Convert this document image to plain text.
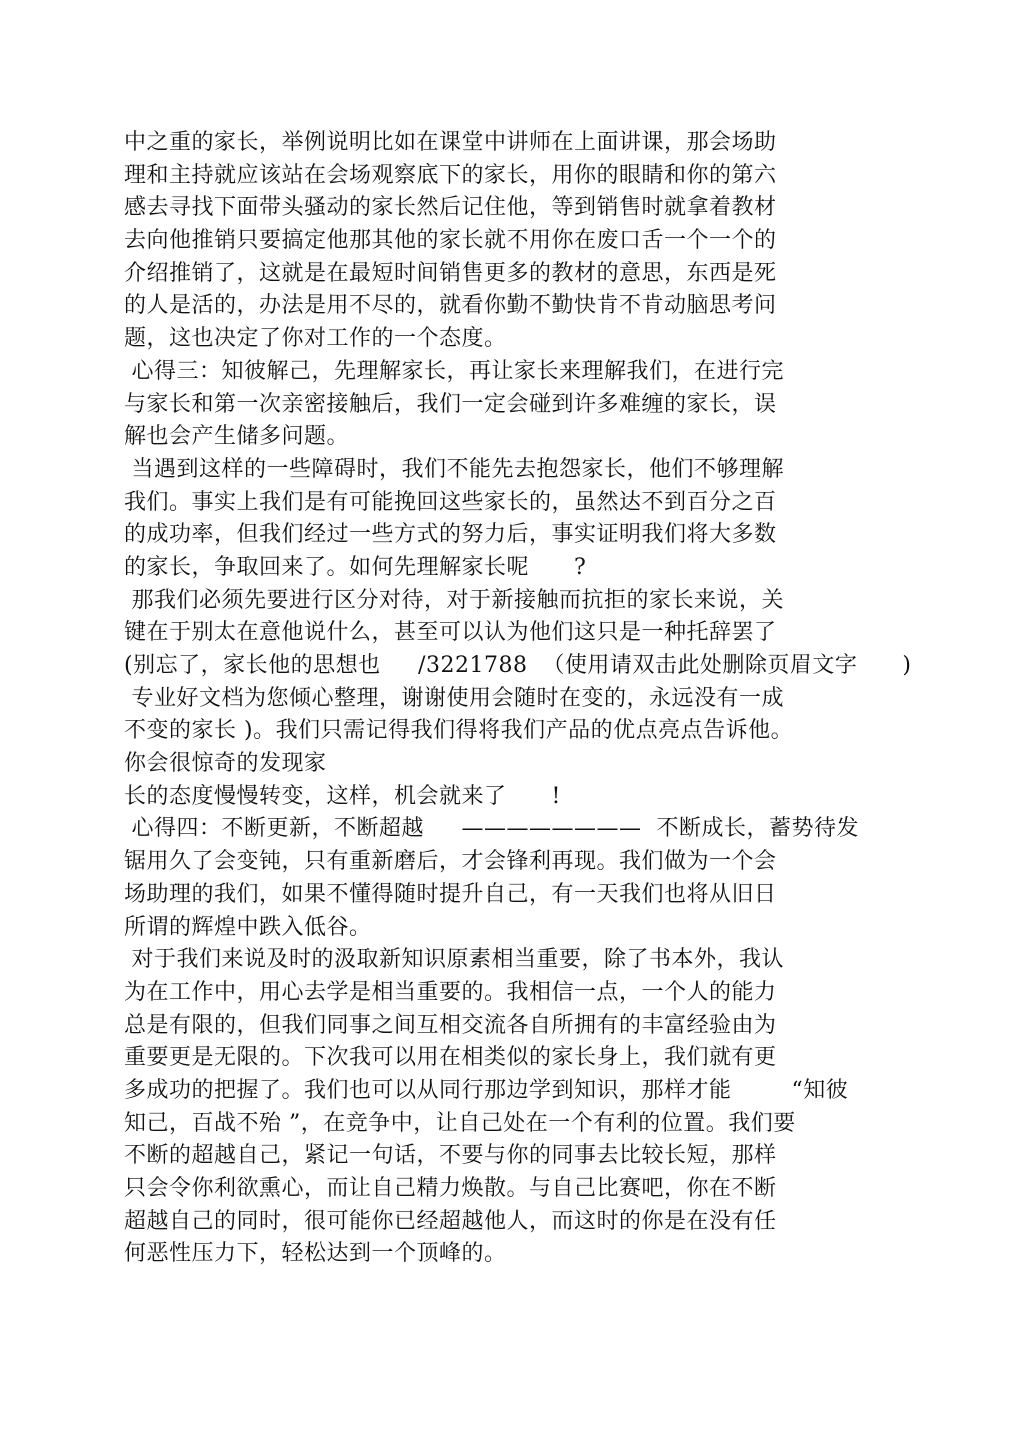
中之重的家长，举例说明比如在课堂中讲师在上面讲课，那会场助
理和主持就应该站在会场观察底下的家长，用你的眼睛和你的第六
感去寻找下面带头骚动的家长然后记住他，等到销售时就拿着教材
去向他推销只要搞定他那其他的家长就不用你在废口舌一个一个的
介绍推销了，这就是在最短时间销售更多的教材的意思，东西是死
的人是活的，办法是用不尽的，就看你勤不勤快肯不肯动脑思考问
题，这也决定了你对工作的一个态度。
心得三：知彼解己，先理解家长，再让家长来理解我们，在进行完
与家长和第一次亲密接触后，我们一定会碰到许多难缠的家长，误
解也会产生储多问题。
当遇到这样的一些障碍时，我们不能先去抱怨家长，他们不够理解
我们。事实上我们是有可能挽回这些家长的，虽然达不到百分之百
的成功率，但我们经过一些方式的努力后，事实证明我们将大多数
的家长，争取回来了。如何先理解家长呢      ?
那我们必须先要进行区分对待，对于新接触而抗拒的家长来说，关
键在于别太在意他说什么，甚至可以认为他们这只是一种托辞罢了
(别忘了，家长他的思想也     /3221788  （使用请双击此处删除页眉文字      )
专业好文档为您倾心整理，谢谢使用会随时在变的，永远没有一成
不变的家长 )。我们只需记得我们得将我们产品的优点亮点告诉他。
你会很惊奇的发现家
长的态度慢慢转变，这样，机会就来了      !
心得四：不断更新，不断超越     ————————  不断成长，蓄势待发
锯用久了会变钝，只有重新磨后，才会锋利再现。我们做为一个会
场助理的我们，如果不懂得随时提升自己，有一天我们也将从旧日
所谓的辉煌中跌入低谷。
对于我们来说及时的汲取新知识原素相当重要，除了书本外，我认
为在工作中，用心去学是相当重要的。我相信一点，一个人的能力
总是有限的，但我们同事之间互相交流各自所拥有的丰富经验由为
重要更是无限的。下次我可以用在相类似的家长身上，我们就有更
多成功的把握了。我们也可以从同行那边学到知识，那样才能        “知彼
知己，百战不殆 ”，在竞争中，让自己处在一个有利的位置。我们要
不断的超越自己，紧记一句话，不要与你的同事去比较长短，那样
只会令你利欲熏心，而让自己精力焕散。与自己比赛吧，你在不断
超越自己的同时，很可能你已经超越他人，而这时的你是在没有任
何恶性压力下，轻松达到一个顶峰的。
